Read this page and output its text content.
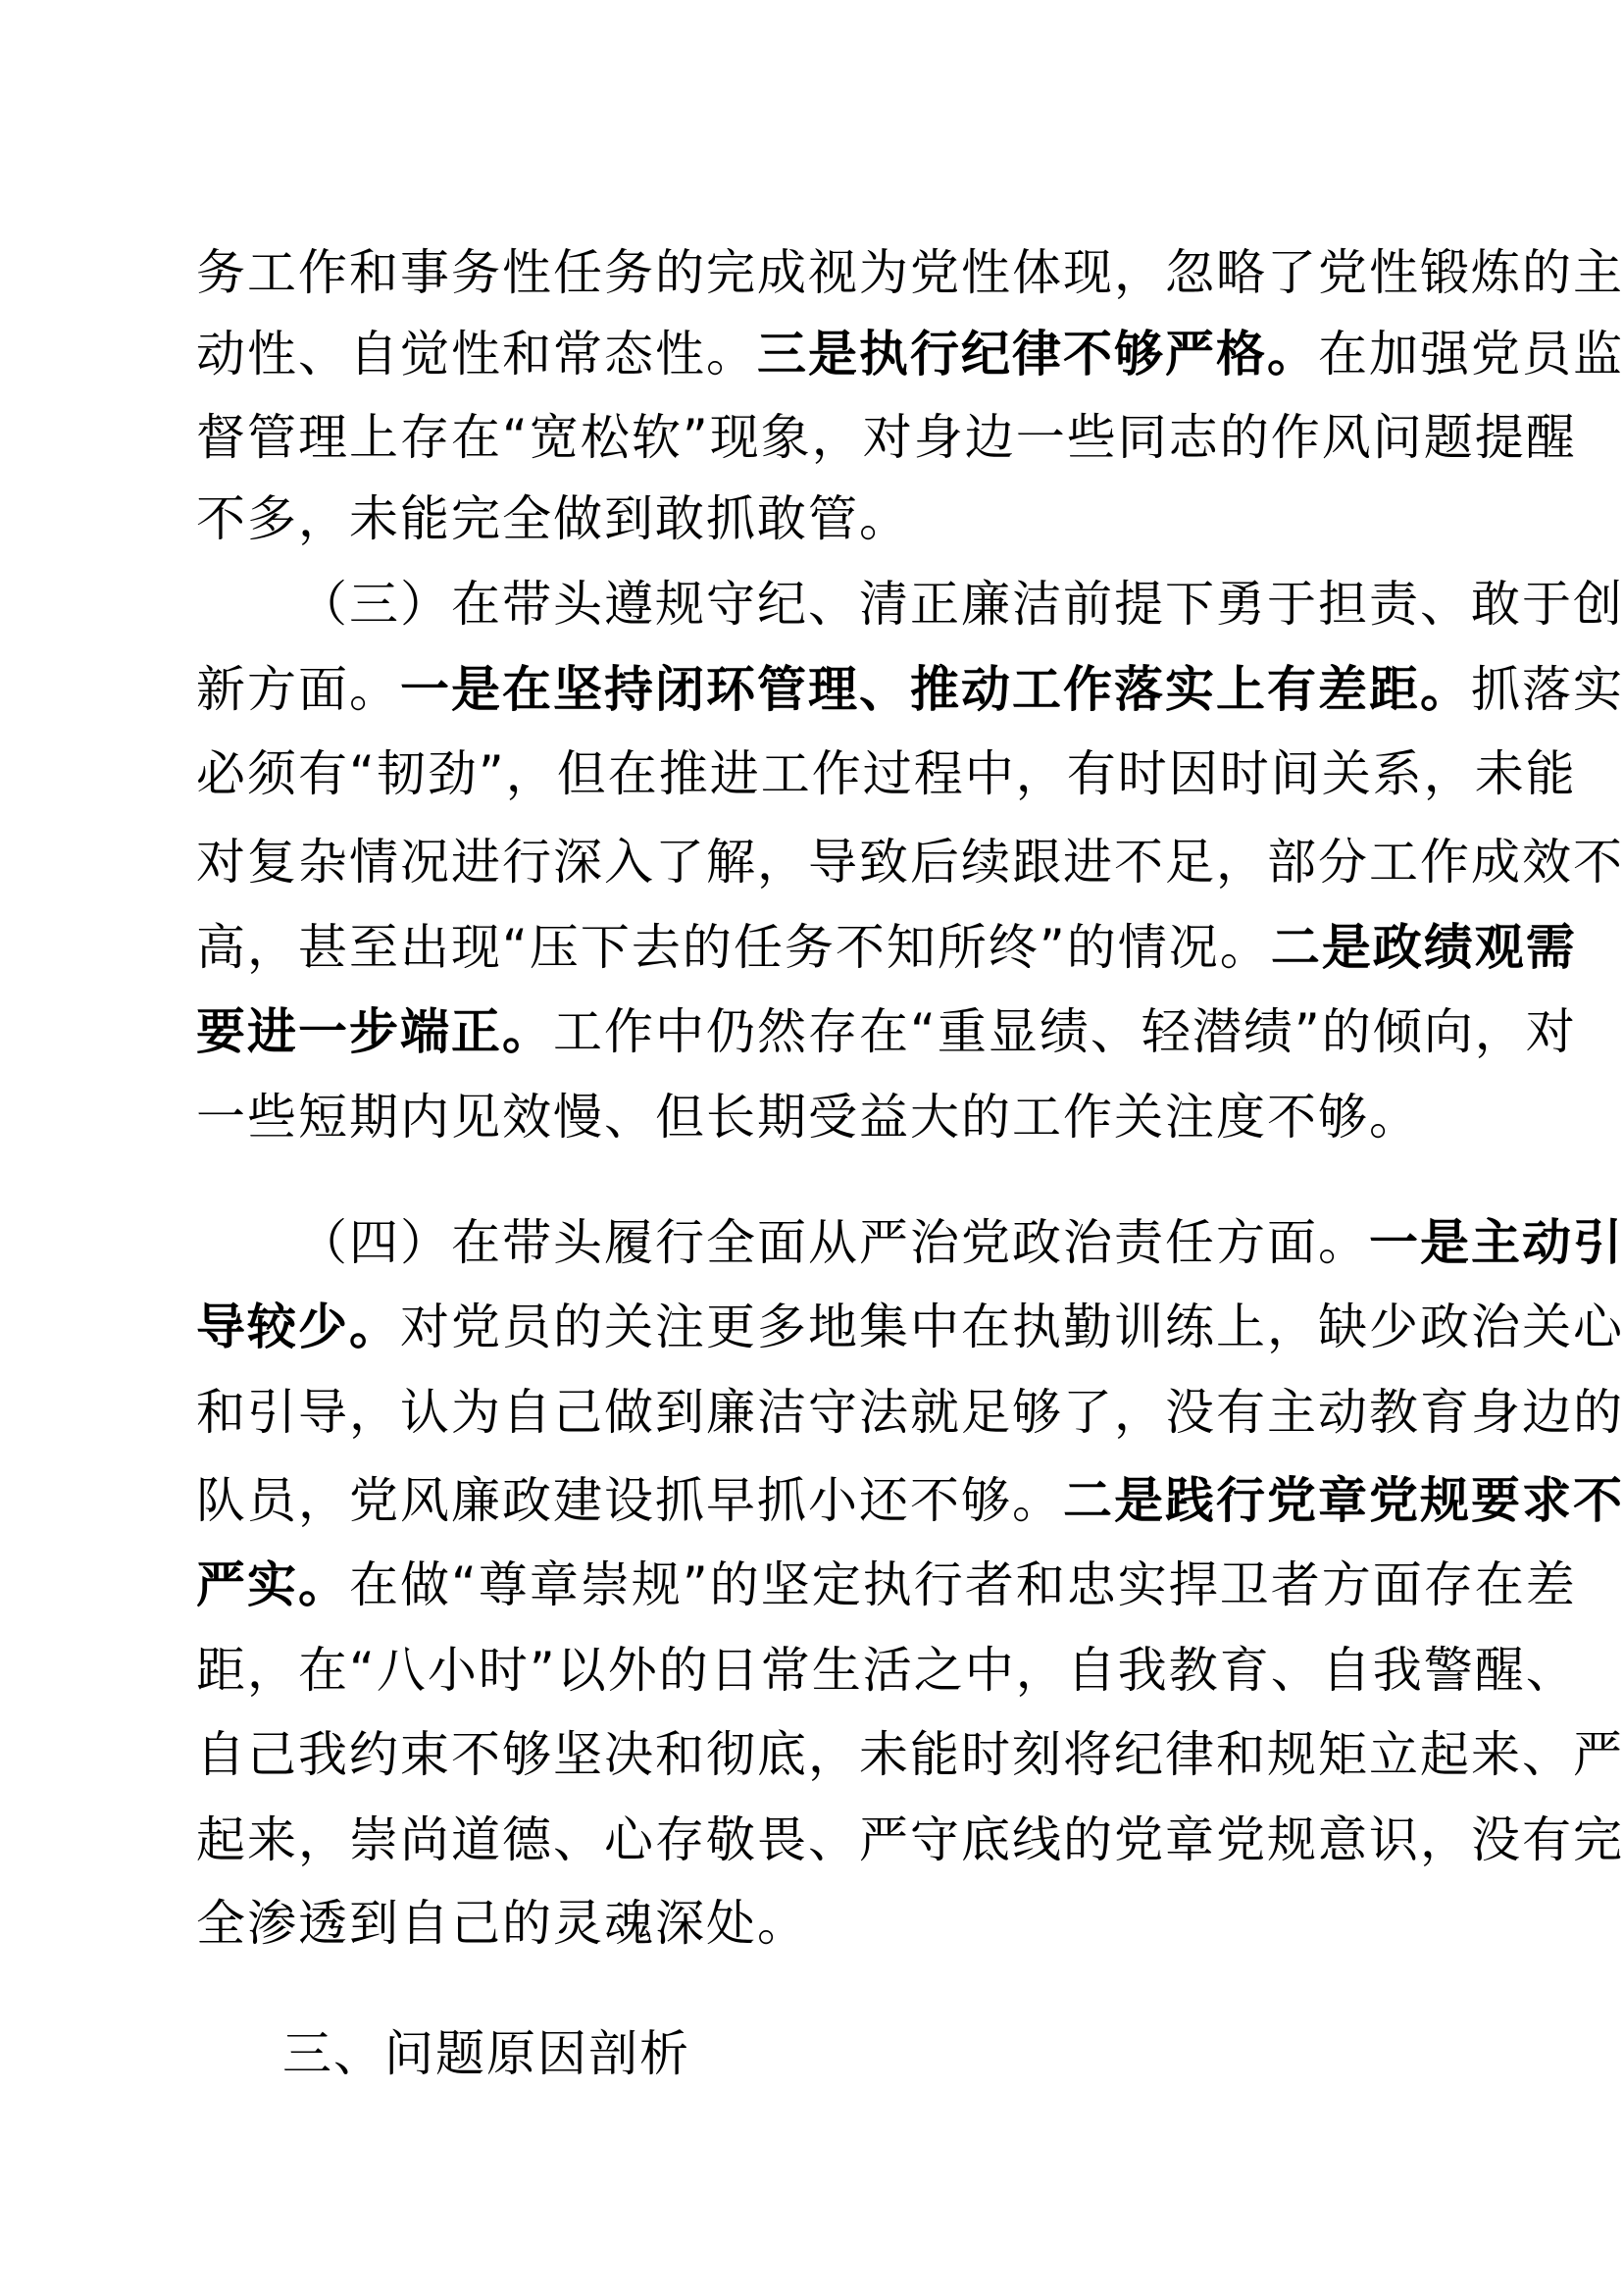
务工作和事务性任务的完成视为党性体现，忽略了党性锻炼的主
动性、自觉性和常态性。三是执行纪律不够严格。在加强党员监
督管理上存在“宽松软”现象，对身边一些同志的作风问题提醒
不多，未能完全做到敢抓敢管。
（三）在带头遵规守纪、清正廉洁前提下勇于担责、敢于创
新方面。一是在坚持闭环管理、推动工作落实上有差距。抓落实
必须有“韧劲”，但在推进工作过程中，有时因时间关系，未能
对复杂情况进行深入了解，导致后续跟进不足，部分工作成效不
高，甚至出现“压下去的任务不知所终”的情况。二是政绩观需
要进一步端正。工作中仍然存在“重显绩、轻潜绩”的倾向，对
一些短期内见效慢、但长期受益大的工作关注度不够。
（四）在带头履行全面从严治党政治责任方面。一是主动引
导较少。对党员的关注更多地集中在执勤训练上，缺少政治关心
和引导，认为自己做到廉洁守法就足够了，没有主动教育身边的
队员，党风廉政建设抓早抓小还不够。二是践行党章党规要求不
严实。在做“尊章崇规”的坚定执行者和忠实捍卫者方面存在差
距，在“八小时”以外的日常生活之中，自我教育、自我警醒、
自己我约束不够坚决和彻底，未能时刻将纪律和规矩立起来、严
起来，崇尚道德、心存敬畏、严守底线的党章党规意识，没有完
全渗透到自己的灵魂深处。
三、问题原因剖析
